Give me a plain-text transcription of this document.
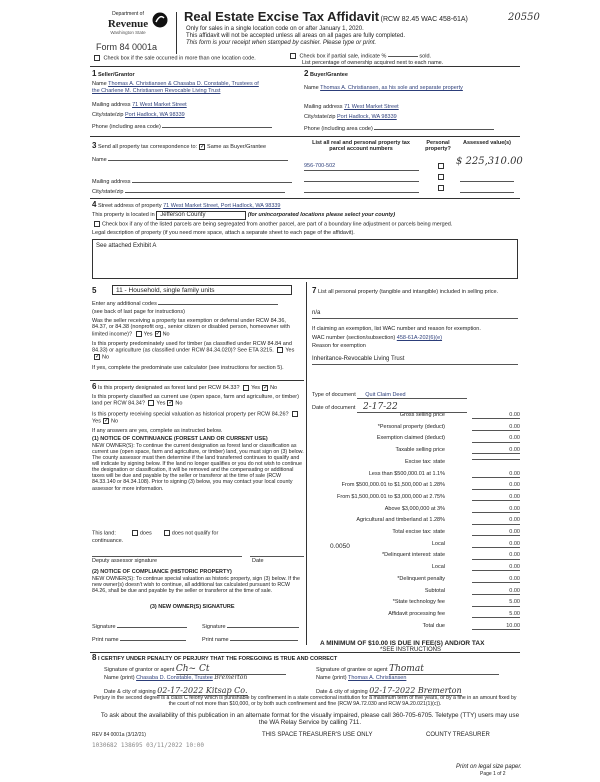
20550
Department of
Revenue
Washington State
Form 84 0001a
Real Estate Excise Tax Affidavit (RCW 82.45 WAC 458-61A)
Only for sales in a single location code on or after January 1, 2020.
This affidavit will not be accepted unless all areas on all pages are fully completed.
This form is your receipt when stamped by cashier. Please type or print.
Check box if the sale occurred in more than one location code.	Check box if partial sale, indicate %	sold.
List percentage of ownership acquired next to each name.
1 Seller/Grantor
Name Thomas A. Christiansen & Chasaba D. Constable, Trustees of
the Charlene M. Christiansen Revocable Living Trust
Mailing address 71 West Market Street
City/state/zip Port Hadlock, WA 98339
Phone (including area code)
2 Buyer/Grantee
Name Thomas A. Christiansen, as his sole and separate property
Mailing address 71 West Market Street
City/state/zip Port Hadlock, WA 98339
Phone (including area code)
3 Send all property tax correspondence to: ✓ Same as Buyer/Grantee
Name
Mailing address
City/state/zip
List all real and personal property tax parcel account numbers
Personal property?
Assessed value(s)
956-700-502	$ 225,310.00
4 Street address of property 71 West Market Street, Port Hadlock, WA 98339
This property is located in Jefferson County	(for unincorporated locations please select your county)
Check box if any of the listed parcels are being segregated from another parcel, are part of a boundary line adjustment or parcels being merged.
Legal description of property (if you need more space, attach a separate sheet to each page of the affidavit).
See attached Exhibit A
5	11 - Household, single family units
Enter any additional codes
(see back of last page for instructions)
Was the seller receiving a property tax exemption or deferral under RCW 84.36, 84.37, or 84.38 (nonprofit org., senior citizen or disabled person, homeowner with limited income)? Yes ✓ No
Is this property predominately used for timber (as classified under RCW 84.84 and 84.33) or agriculture (as classified under RCW 84.34.020)? See ETA 3215. Yes✓No
If yes, complete the predominate use calculator (see instructions for section 5).
6 Is this property designated as forest land per RCW 84.33? Yes ✓ No
Is this property classified as current use (open space, farm and agriculture, or timber) land per RCW 84.34? Yes ✓ No
Is this property receiving special valuation as historical property per RCW 84.26? Yes ✓ No
If any answers are yes, complete as instructed below.
(1) NOTICE OF CONTINUANCE (FOREST LAND OR CURRENT USE)
NEW OWNER(S): To continue the current designation as forest land or classification as current use (open space, farm and agriculture, or timber) land, you must sign on (3) below. The county assessor must then determine if the land transferred continues to qualify and will indicate by signing below. If the land no longer qualifies or you do not wish to continue the designation or classification, it will be removed and the compensating or additional taxes will be due and payable by the seller or transferor at the time of sale (RCW 84.33.140 or 84.34.108). Prior to signing (3) below, you may contact your local county assessor for more information.
This land:	does	does not qualify for
continuance.
Deputy assessor signature	Date
(2) NOTICE OF COMPLIANCE (HISTORIC PROPERTY)
NEW OWNER(S): To continue special valuation as historic property, sign (3) below. If the new owner(s) doesn't wish to continue, all additional tax calculated pursuant to RCW 84.26, shall be due and payable by the seller or transferor at the time of sale.
(3) NEW OWNER(S) SIGNATURE
Signature	Signature
Print name	Print name
7 List all personal property (tangible and intangible) included in selling price.
n/a
If claiming an exemption, list WAC number and reason for exemption.
WAC number (section/subsection) 458-61A-202(6)(e)
Reason for exemption
Inheritance-Revocable Living Trust
Type of document Quit Claim Deed
Date of document 2-17-22
Gross selling price	0.00
*Personal property (deduct)	0.00
Exemption claimed (deduct)	0.00
Taxable selling price	0.00
Excise tax: state
Less than $500,000.01 at 1.1%	0.00
From $500,000.01 to $1,500,000 at 1.28%	0.00
From $1,500,000.01 to $3,000,000 at 2.75%	0.00
Above $3,000,000 at 3%	0.00
Agricultural and timberland at 1.28%	0.00
Total excise tax: state	0.00
Local	0.00
*Delinquent interest: state	0.00
Local	0.00
*Delinquent penalty	0.00
Subtotal	0.00
*State technology fee	5.00
Affidavit processing fee	5.00
Total due	10.00
0.0050
A MINIMUM OF $10.00 IS DUE IN FEE(S) AND/OR TAX
*SEE INSTRUCTIONS
8 I CERTIFY UNDER PENALTY OF PERJURY THAT THE FOREGOING IS TRUE AND CORRECT
Signature of grantor or agent Ch~ Ct
Name (print) Chasaba D. Constable, Trustee Bremerton
Date & city of signing 02-17-2022 Kitsap Co.
Signature of grantee or agent Thomat
Name (print) Thomas A. Christiansen
Date & city of signing 02-17-2022 Bremerton
Perjury in the second degree is a class C felony which is punishable by confinement in a state correctional institution for a maximum term of five years, or by a fine in an amount fixed by the court of not more than $10,000, or by both such confinement and fine (RCW 9A.72.030 and RCW 9A.20.021(1)(c)).
To ask about the availability of this publication in an alternate format for the visually impaired, please call 360-705-6705. Teletype (TTY) users may use the WA Relay Service by calling 711.
REV 84 0001a (3/12/21)	THIS SPACE TREASURER'S USE ONLY	COUNTY TREASURER
1030682 138695 03/11/2022 10:00
Print on legal size paper.
Page 1 of 2
